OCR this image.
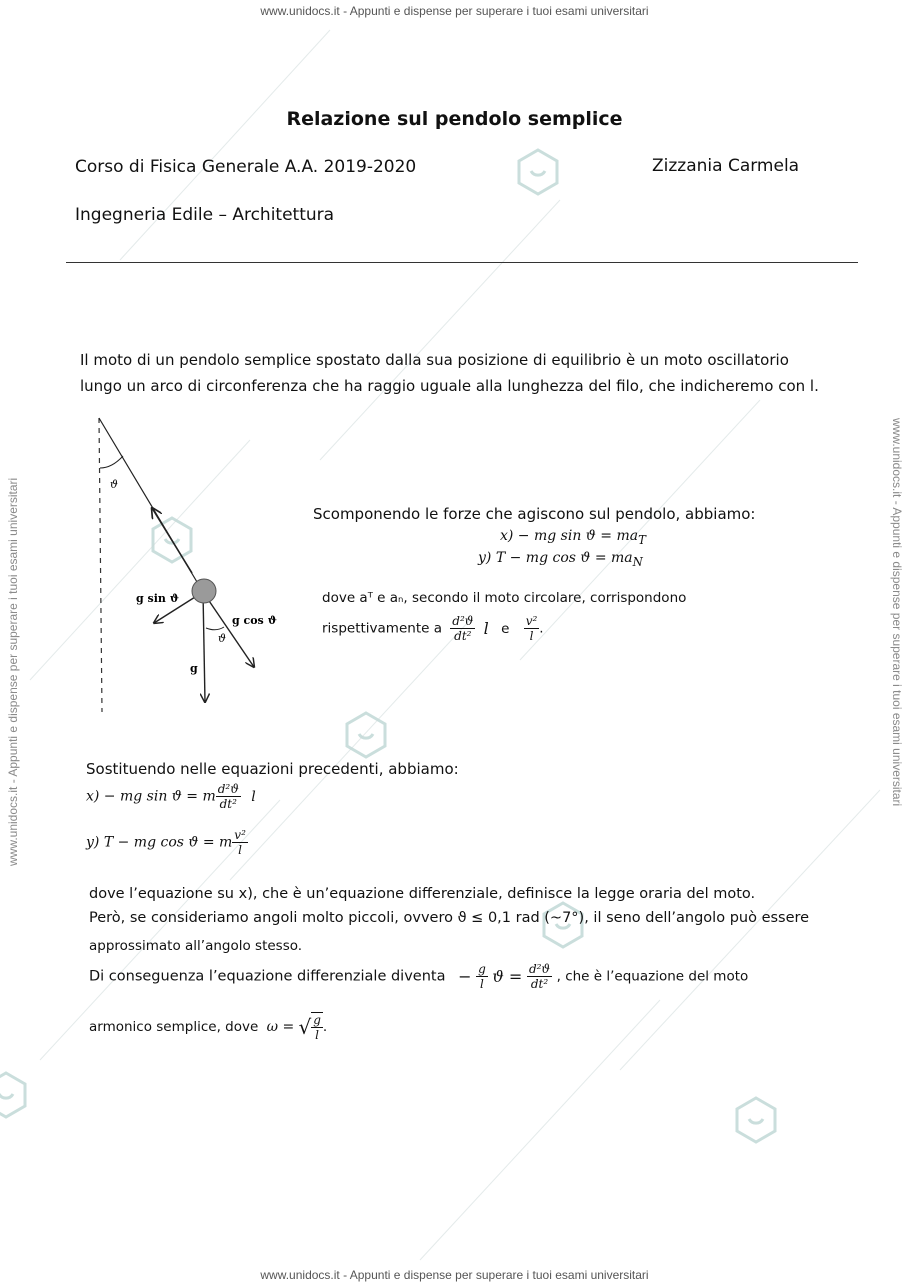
www.unidocs.it - Appunti e dispense per superare i tuoi esami universitari
www.unidocs.it - Appunti e dispense per superare i tuoi esami universitari
www.unidocs.it - Appunti e dispense per superare i tuoi esami universitari	www.unidocs.it - Appunti e dispense per superare i tuoi esami universitari
Relazione sul pendolo semplice
Corso di Fisica Generale A.A. 2019-2020	Zizzania Carmela
Ingegneria Edile – Architettura
Il moto di un pendolo semplice spostato dalla sua posizione di equilibrio è un moto oscillatorio
lungo un arco di circonferenza che ha raggio uguale alla lunghezza del filo, che indicheremo con l.
ϑ
g sin ϑ
g cos ϑ
g
ϑ
Scomponendo le forze che agiscono sul pendolo, abbiamo:
x) − mg $\sin ϑ = ma_T$
y) T − mg $\cos ϑ = ma_N$
dove aᵀ e aₙ, secondo il moto circolare, corrispondono
rispettivamente a $\frac{\text{d²ϑ}}{\text{dt²}}$ l e $\frac{\text{v²}}{l}$ .
Sostituendo nelle equazioni precedenti, abbiamo:
x) − mg sin ϑ = m $\frac{\text{d²ϑ}}{\text{dt²}}$ l
y) T − mg cos ϑ = m $\frac{\text{v²}}{l}$
dove l’equazione su x), che è un’equazione differenziale, definisce la legge oraria del moto.
Però, se consideriamo angoli molto piccoli, ovvero ϑ ≤ 0,1 rad (~7°), il seno dell’angolo può essere
approssimato all’angolo stesso.
Di conseguenza l’equazione differenziale diventa − $\frac{g}{l}$ $ϑ = \frac{\text{d²ϑ}}{\text{dt²}}$ , che è l’equazione del moto
armonico semplice, dove ω = √ $\frac{g}{l}$ .
